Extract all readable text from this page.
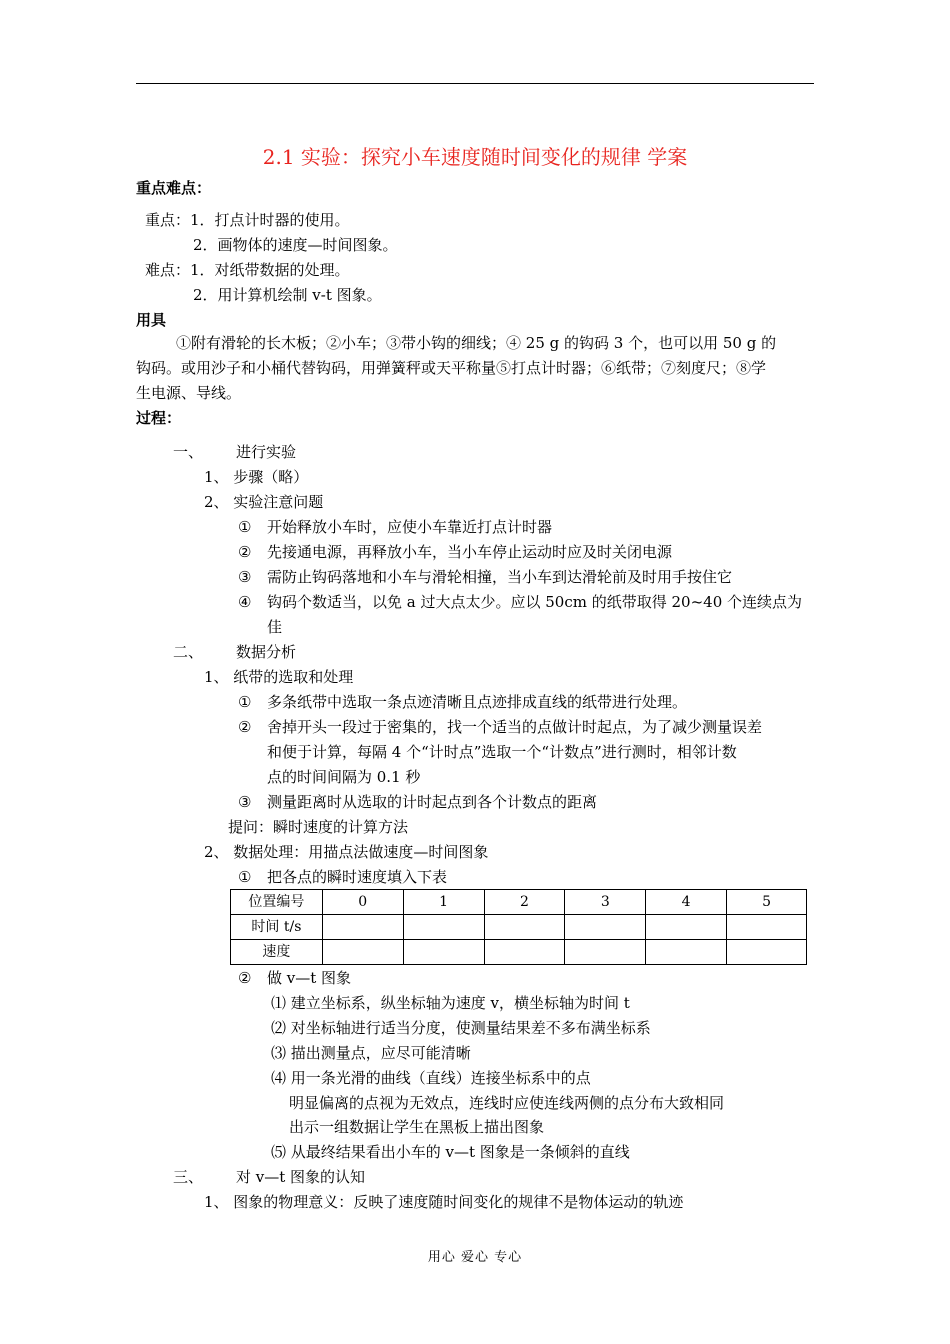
2.1 实验：探究小车速度随时间变化的规律 学案
重点难点：
重点：1．打点计时器的使用。
2．画物体的速度—时间图象。
难点：1．对纸带数据的处理。
2．用计算机绘制 v-t 图象。
用具
①附有滑轮的长木板；②小车；③带小钩的细线；④ 25 g 的钩码 3 个，也可以用 50 g 的
钩码。或用沙子和小桶代替钩码，用弹簧秤或天平称量⑤打点计时器；⑥纸带；⑦刻度尺；⑧学
生电源、导线。
过程：
一、 进行实验
1、 步骤（略）
2、 实验注意问题
① 开始释放小车时，应使小车靠近打点计时器
② 先接通电源，再释放小车，当小车停止运动时应及时关闭电源
③ 需防止钩码落地和小车与滑轮相撞，当小车到达滑轮前及时用手按住它
④ 钩码个数适当，以免 a 过大点太少。应以 50cm 的纸带取得 20~40 个连续点为
佳
二、 数据分析
1、 纸带的选取和处理
① 多条纸带中选取一条点迹清晰且点迹排成直线的纸带进行处理。
② 舍掉开头一段过于密集的，找一个适当的点做计时起点，为了减少测量误差
和便于计算，每隔 4 个“计时点”选取一个“计数点”进行测时，相邻计数
点的时间间隔为 0.1 秒
③ 测量距离时从选取的计时起点到各个计数点的距离
提问：瞬时速度的计算方法
2、 数据处理：用描点法做速度—时间图象
① 把各点的瞬时速度填入下表
位置编号	0	1	2	3	4	5
时间 t/s						
速度						
② 做 v—t 图象
⑴ 建立坐标系，纵坐标轴为速度 v，横坐标轴为时间 t
⑵ 对坐标轴进行适当分度，使测量结果差不多布满坐标系
⑶ 描出测量点，应尽可能清晰
⑷ 用一条光滑的曲线（直线）连接坐标系中的点
明显偏离的点视为无效点，连线时应使连线两侧的点分布大致相同
出示一组数据让学生在黑板上描出图象
⑸ 从最终结果看出小车的 v—t 图象是一条倾斜的直线
三、 对 v—t 图象的认知
1、 图象的物理意义：反映了速度随时间变化的规律不是物体运动的轨迹
用心 爱心 专心
